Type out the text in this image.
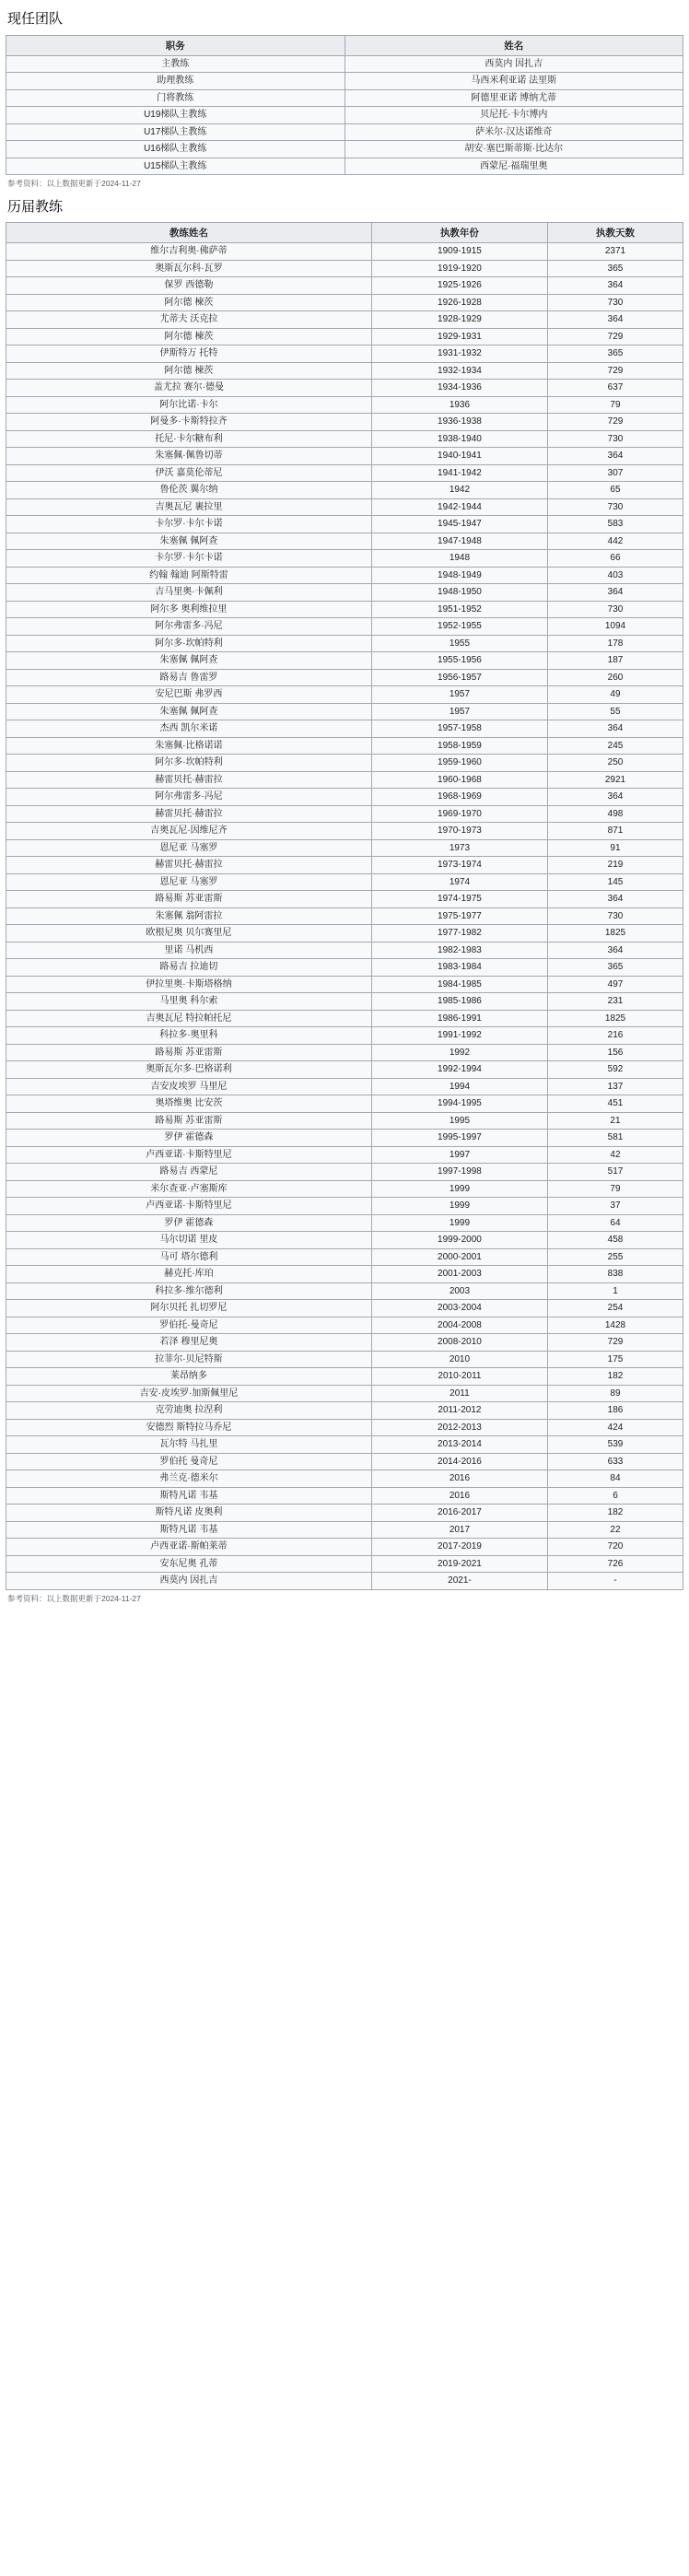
现任团队
职务	姓名
主教练	西莫内 因扎吉
助理教练	马西米利亚诺 法里斯
门将教练	阿德里亚诺 博纳尤蒂
U19梯队主教练	贝尼托·卡尔博内
U17梯队主教练	萨米尔·汉达诺维奇
U16梯队主教练	胡安·塞巴斯蒂斯·比达尔
U15梯队主教练	西蒙尼·福瑞里奥
参考资料：以上数据更新于2024-11-27
历届教练
教练姓名	执教年份	执教天数
维尔吉利奥·佛萨蒂	1909-1915	2371
奥斯瓦尔科·瓦罗	1919-1920	365
保罗 西德勒	1925-1926	364
阿尔德 楝茨	1926-1928	730
尤蒂夫 沃克拉	1928-1929	364
阿尔德 楝茨	1929-1931	729
伊斯特万 托特	1931-1932	365
阿尔德 楝茨	1932-1934	729
盖尤拉 赛尔·德曼	1934-1936	637
阿尔比诺·卡尔	1936	79
阿曼多·卡斯特拉齐	1936-1938	729
托尼·卡尔糖布利	1938-1940	730
朱塞佩·佩鲁切蒂	1940-1941	364
伊沃 嘉莫伦蒂尼	1941-1942	307
鲁伦茨 翼尔纳	1942	65
吉奥瓦尼 裹拉里	1942-1944	730
卡尔罗·卡尔卡诺	1945-1947	583
朱塞佩 佩阿查	1947-1948	442
卡尔罗·卡尔卡诺	1948	66
约翰 翰迪 阿斯特雷	1948-1949	403
吉马里奥·卡佩利	1948-1950	364
阿尔多 奥利维拉里	1951-1952	730
阿尔弗雷多·冯尼	1952-1955	1094
阿尔多·坎帕特利	1955	178
朱塞佩 佩阿查	1955-1956	187
路易吉 鲁雷罗	1956-1957	260
安尼巴斯 弗罗西	1957	49
朱塞佩 佩阿查	1957	55
杰西 凯尔米诺	1957-1958	364
朱塞佩·比格诺诺	1958-1959	245
阿尔多·坎帕特利	1959-1960	250
赫雷贝托·赫雷拉	1960-1968	2921
阿尔弗雷多·冯尼	1968-1969	364
赫雷贝托·赫雷拉	1969-1970	498
吉奥瓦尼·因维尼齐	1970-1973	871
恩尼亚 马塞罗	1973	91
赫雷贝托·赫雷拉	1973-1974	219
恩尼亚 马塞罗	1974	145
路易斯 苏亚雷斯	1974-1975	364
朱塞佩 翁阿雷拉	1975-1977	730
欧根尼奥 贝尔赛里尼	1977-1982	1825
里诺 马机西	1982-1983	364
路易吉 拉迪切	1983-1984	365
伊拉里奥·卡斯塔格纳	1984-1985	497
马里奥 科尔索	1985-1986	231
吉奥瓦尼 特拉帕托尼	1986-1991	1825
科拉多·奥里科	1991-1992	216
路易斯 苏亚雷斯	1992	156
奥斯瓦尔多·巴格诺利	1992-1994	592
吉安皮埃罗 马里尼	1994	137
奥塔维奥 比安茨	1994-1995	451
路易斯 苏亚雷斯	1995	21
罗伊 霍德森	1995-1997	581
卢西亚诺·卡斯特里尼	1997	42
路易吉 西蒙尼	1997-1998	517
米尔查亚·卢塞斯库	1999	79
卢西亚诺·卡斯特里尼	1999	37
罗伊 霍德森	1999	64
马尔切诺 里皮	1999-2000	458
马可 塔尔德利	2000-2001	255
赫克托·库珀	2001-2003	838
科拉多·维尔德利	2003	1
阿尔贝托 扎切罗尼	2003-2004	254
罗伯托·曼奇尼	2004-2008	1428
若泽 穆里尼奥	2008-2010	729
拉菲尔·贝尼特斯	2010	175
莱昂纳多	2010-2011	182
吉安·皮埃罗·加斯佩里尼	2011	89
克劳迪奥 拉涅利	2011-2012	186
安德烈 斯特拉马乔尼	2012-2013	424
瓦尔特 马扎里	2013-2014	539
罗伯托 曼奇尼	2014-2016	633
弗兰克·德米尔	2016	84
斯特凡诺 韦基	2016	6
斯特凡诺 皮奥利	2016-2017	182
斯特凡诺 韦基	2017	22
卢西亚诺·斯帕莱蒂	2017-2019	720
安东尼奥 孔蒂	2019-2021	726
西莫内 因扎吉	2021-	-
参考资料：以上数据更新于2024-11-27
